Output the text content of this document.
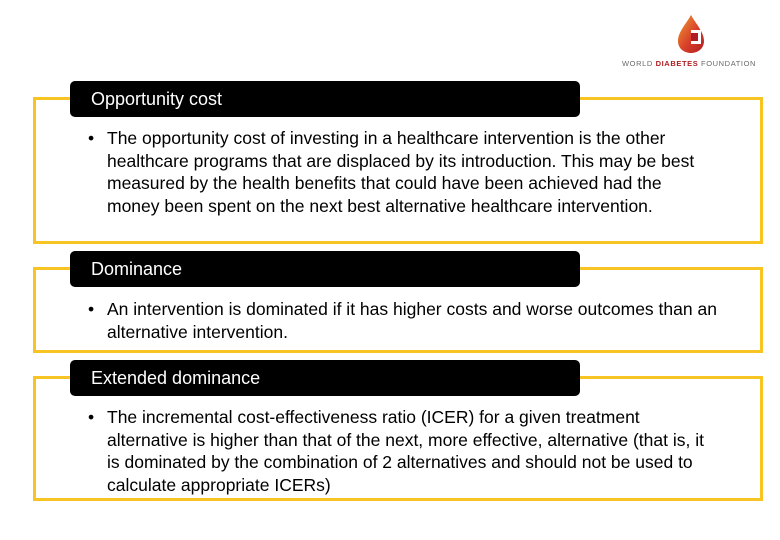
WORLD DIABETES FOUNDATION
Opportunity cost
• The opportunity cost of investing in a healthcare intervention is the other healthcare programs that are displaced by its introduction. This may be best measured by the health benefits that could have been achieved had the money been spent on the next best alternative healthcare intervention.
Dominance
• An intervention is dominated if it has higher costs and worse outcomes than an alternative intervention.
Extended dominance
• The incremental cost-effectiveness ratio (ICER) for a given treatment alternative is higher than that of the next, more effective, alternative (that is, it is dominated by the combination of 2 alternatives and should not be used to calculate appropriate ICERs)
